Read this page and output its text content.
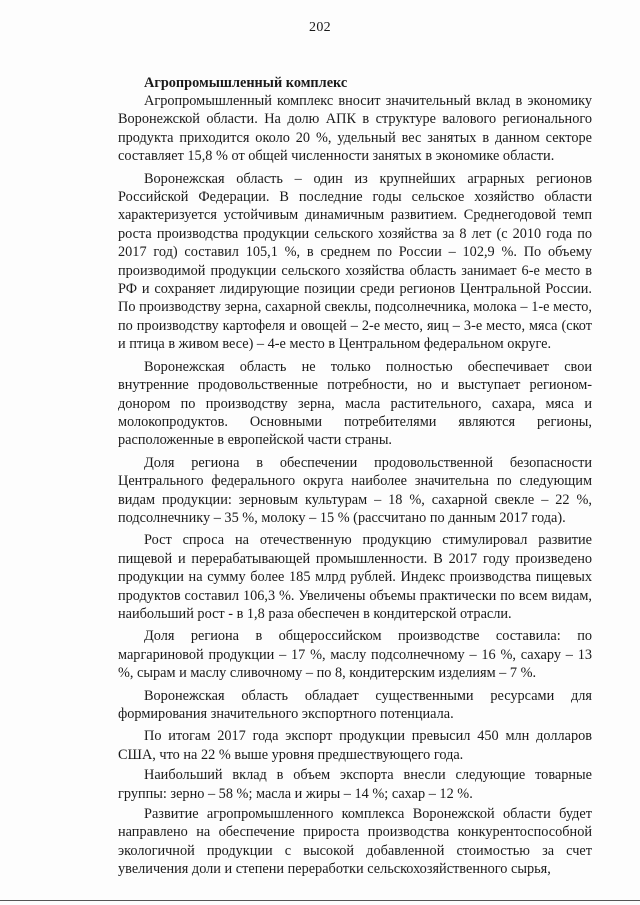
202
Агропромышленный комплекс

Агропромышленный комплекс вносит значительный вклад в экономику Воронежской области. На долю АПК в структуре валового регионального продукта приходится около 20 %, удельный вес занятых в данном секторе составляет 15,8 % от общей численности занятых в экономике области.

Воронежская область – один из крупнейших аграрных регионов Российской Федерации. В последние годы сельское хозяйство области характеризуется устойчивым динамичным развитием. Среднегодовой темп роста производства продукции сельского хозяйства за 8 лет (с 2010 года по 2017 год) составил 105,1 %, в среднем по России – 102,9 %. По объему производимой продукции сельского хозяйства область занимает 6-е место в РФ и сохраняет лидирующие позиции среди регионов Центральной России. По производству зерна, сахарной свеклы, подсолнечника, молока – 1-е место, по производству картофеля и овощей – 2-е место, яиц – 3-е место, мяса (скот и птица в живом весе) – 4-е место в Центральном федеральном округе.

Воронежская область не только полностью обеспечивает свои внутренние продовольственные потребности, но и выступает регионом-донором по производству зерна, масла растительного, сахара, мяса и молокопродуктов. Основными потребителями являются регионы, расположенные в европейской части страны.

Доля региона в обеспечении продовольственной безопасности Центрального федерального округа наиболее значительна по следующим видам продукции: зерновым культурам – 18 %, сахарной свекле – 22 %, подсолнечнику – 35 %, молоку – 15 % (рассчитано по данным 2017 года).

Рост спроса на отечественную продукцию стимулировал развитие пищевой и перерабатывающей промышленности. В 2017 году произведено продукции на сумму более 185 млрд рублей. Индекс производства пищевых продуктов составил 106,3 %. Увеличены объемы практически по всем видам, наибольший рост - в 1,8 раза обеспечен в кондитерской отрасли.

Доля региона в общероссийском производстве составила: по маргариновой продукции – 17 %, маслу подсолнечному – 16 %, сахару – 13 %, сырам и маслу сливочному – по 8, кондитерским изделиям – 7 %.

Воронежская область обладает существенными ресурсами для формирования значительного экспортного потенциала.

По итогам 2017 года экспорт продукции превысил 450 млн долларов США, что на 22 % выше уровня предшествующего года.

Наибольший вклад в объем экспорта внесли следующие товарные группы: зерно – 58 %; масла и жиры – 14 %; сахар – 12 %.

Развитие агропромышленного комплекса Воронежской области будет направлено на обеспечение прироста производства конкурентоспособной экологичной продукции с высокой добавленной стоимостью за счет увеличения доли и степени переработки сельскохозяйственного сырья,
